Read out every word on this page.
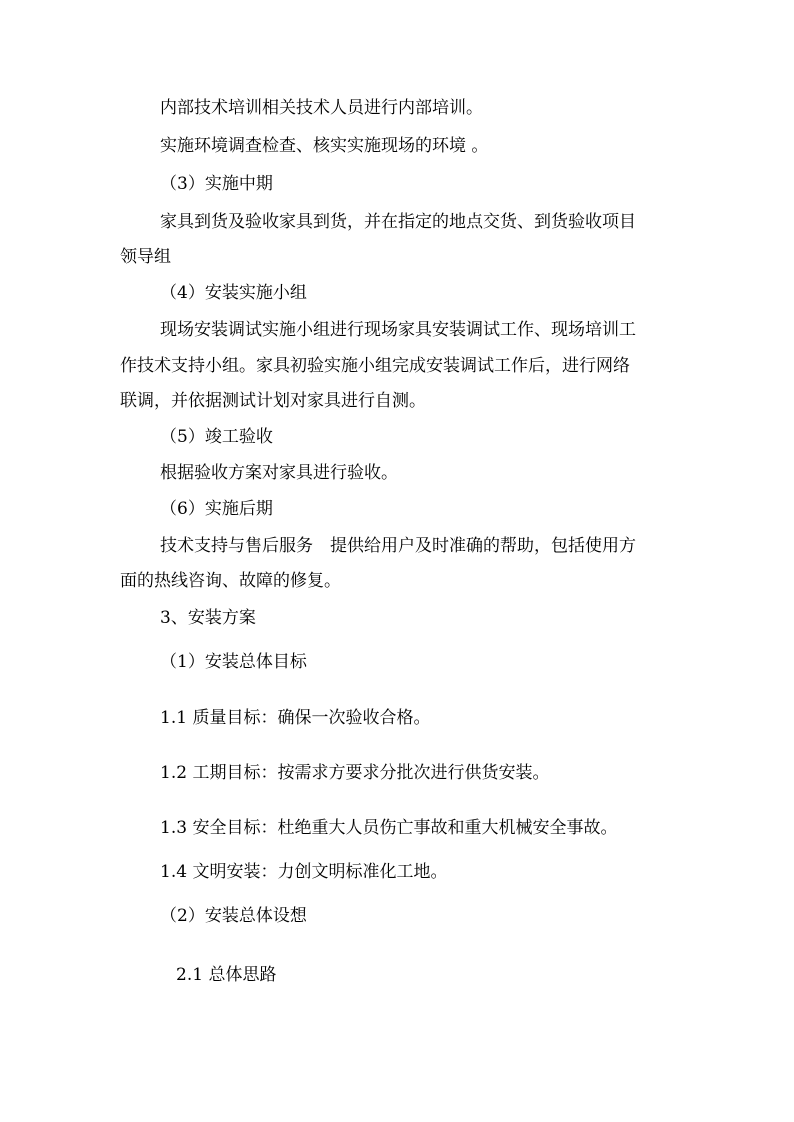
内部技术培训相关技术人员进行内部培训。
实施环境调查检查、核实实施现场的环境 。
（3）实施中期
家具到货及验收家具到货，并在指定的地点交货、到货验收项目
领导组
（4）安装实施小组
现场安装调试实施小组进行现场家具安装调试工作、现场培训工
作技术支持小组。家具初验实施小组完成安装调试工作后，进行网络
联调，并依据测试计划对家具进行自测。
（5）竣工验收
根据验收方案对家具进行验收。
（6）实施后期
技术支持与售后服务　提供给用户及时准确的帮助，包括使用方
面的热线咨询、故障的修复。
3、安装方案
（1）安装总体目标
1.1 质量目标：确保一次验收合格。
1.2 工期目标：按需求方要求分批次进行供货安装。
1.3 安全目标：杜绝重大人员伤亡事故和重大机械安全事故。
1.4 文明安装：力创文明标准化工地。
（2）安装总体设想
2.1 总体思路
